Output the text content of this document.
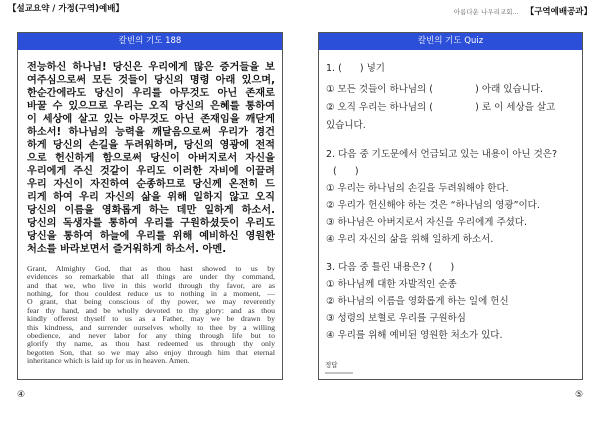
【설교요약 / 가정(구역)예배】	아름다운 나우리교회... 【구역예배공과】
칼빈의 기도 188
전능하신 하나님! 당신은 우리에게 많은 증거들을 보
여주심으로써 모든 것들이 당신의 명령 아래 있으며,
한순간에라도 당신이 우리를 아무것도 아닌 존재로
바꿀 수 있으므로 우리는 오직 당신의 은혜를 통하여
이 세상에 살고 있는 아무것도 아닌 존재임을 깨닫게
하소서! 하나님의 능력을 깨달음으로써 우리가 경건
하게 당신의 손길을 두려워하며, 당신의 영광에 전적
으로 헌신하게 함으로써 당신이 아버지로서 자신을
우리에게 주신 것같이 우리도 이러한 자비에 이끌려
우리 자신이 자진하여 순종하므로 당신께 온전히 드
리게 하여 우리 자신의 삶을 위해 일하지 않고 오직
당신의 이름을 영화롭게 하는 데만 일하게 하소서.
당신의 독생자를 통하여 우리를 구원하셨듯이 우리도
당신을 통하여 하늘에 우리를 위해 예비하신 영원한
처소를 바라보면서 즐거워하게 하소서. 아멘.
Grant, Almighty God, that as thou hast showed to us by
evidences so remarkable that all things are under thy command,
and that we, who live in this world through thy favor, are as
nothing, for thou couldest reduce us to nothing in a moment, —
O grant, that being conscious of thy power, we may reverently
fear thy hand, and be wholly devoted to thy glory: and as thou
kindly offerest thyself to us as a Father, may we be drawn by
this kindness, and surrender ourselves wholly to thee by a willing
obedience, and never labor for any thing through life but to
glorify thy name, as thou hast redeemed us through thy only
begotten Son, that so we may also enjoy through him that eternal
inheritance which is laid up for us in heaven. Amen.
칼빈의 기도 Quiz
1. (      ) 넣기
① 모든 것들이 하나님의 (              ) 아래 있습니다.
② 오직 우리는 하나님의 (              ) 로 이 세상을 살고
있습니다.
2. 다음 중 기도문에서 언급되고 있는 내용이 아닌 것은?
(      )
① 우리는 하나님의 손길을 두려워해야 한다.
② 우리가 헌신해야 하는 것은 “하나님의 영광”이다.
③ 하나님은 아버지로서 자신을 우리에게 주셨다.
④ 우리 자신의 삶을 위해 일하게 하소서.
3. 다음 중 틀린 내용은? (      )
① 하나님께 대한 자발적인 순종
② 하나님의 이름을 영화롭게 하는 일에 헌신
③ 성령의 보혈로 우리를 구원하심
④ 우리를 위해 예비된 영원한 처소가 있다.
정답
④	⑤
